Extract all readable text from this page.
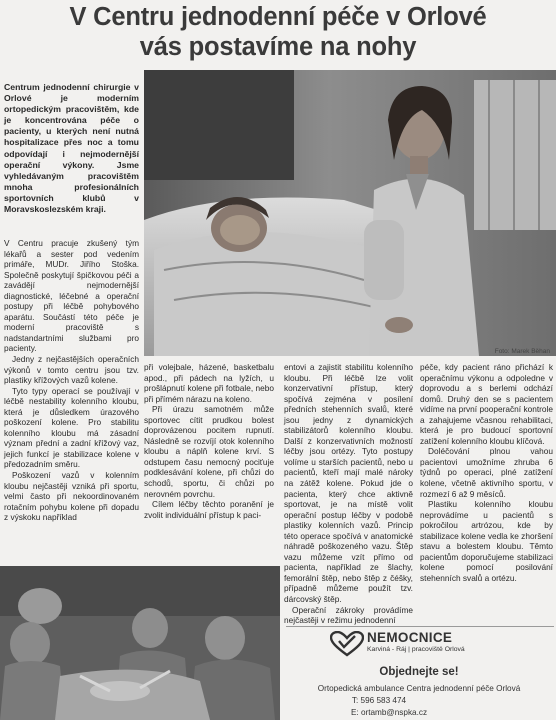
V Centru jednodenní péče v Orlové
vás postavíme na nohy
Foto: Marek Běhan

Centrum jednodenní chirurgie v Orlové je moderním ortopedickým pracovištěm, kde je koncentrována péče o pacienty, u kterých není nutná hospitalizace přes noc a tomu odpovídají i nejmodernější operační výkony. Jsme vyhledávaným pracovištěm mnoha profesionálních sportovních klubů v Moravskoslezském kraji.

V Centru pracuje zkušený tým lékařů a sester pod vedením primáře, MUDr. Jiřího Stoška. Společně poskytují špičkovou péči a zavádějí nejmodernější diagnostické, léčebné a operační postupy při léčbě pohybového aparátu. Součástí této péče je moderní pracoviště s nadstandartními službami pro pacienty.

Jedny z nejčastějších operačních výkonů v tomto centru jsou tzv. plastiky křížových vazů kolene.

Tyto typy operací se používají v léčbě nestability kolenního kloubu, která je důsledkem úrazového poškození kolene. Pro stabilitu kolenního kloubu má zásadní význam přední a zadní křížový vaz, jejich funkcí je stabilizace kolene v předozadním směru.

Poškození vazů v kolenním kloubu nejčastěji vzniká při sportu, velmi často při nekoordinovaném rotačním pohybu kolene při dopadu z výskoku například

při volejbale, házené, basketbalu apod., při pádech na lyžích, u prošlápnutí kolene při fotbale, nebo při přímém nárazu na koleno.

Při úrazu samotném může sportovec cítit prudkou bolest doprovázenou pocitem rupnutí. Následně se rozvíjí otok kolenního kloubu a náplň kolene krví. S odstupem času nemocný pociťuje podklesávání kolene, při chůzi do schodů, sportu, či chůzi po nerovném povrchu.

Cílem léčby těchto poranění je zvolit individuální přístup k paci-

entovi a zajistit stabilitu kolenního kloubu. Při léčbě lze volit konzervativní přístup, který spočívá zejména v posílení předních stehenních svalů, které jsou jedny z dynamických stabilizátorů kolenního kloubu. Další z konzervativních možností léčby jsou ortézy. Tyto postupy volíme u starších pacientů, nebo u pacientů, kteří mají malé nároky na zátěž kolene. Pokud jde o pacienta, který chce aktivně sportovat, je na místě volit operační postup léčby v podobě plastiky kolenních vazů. Princip této operace spočívá v anatomické náhradě poškozeného vazu. Štěp vazu můžeme vzít přímo od pacienta, například ze šlachy, femorální štěp, nebo štěp z čéšky, případně můžeme použít tzv. dárcovský štěp.

Operační zákroky provádíme nejčastěji v režimu jednodenní

péče, kdy pacient ráno přichází k operačnímu výkonu a odpoledne v doprovodu a s berlemi odchází domů. Druhý den se s pacientem vidíme na první pooperační kontrole a zahajujeme včasnou rehabilitaci, která je pro budoucí sportovní zatížení kolenního kloubu klíčová.

Doléčování plnou vahou pacientovi umožníme zhruba 6 týdnů po operaci, plné zatížení kolene, včetně aktivního sportu, v rozmezí 6 až 9 měsíců.

Plastiku kolenního kloubu neprovádíme u pacientů s pokročilou artrózou, kde by stabilizace kolene vedla ke zhoršení stavu a bolestem kloubu. Těmto pacientům doporučujeme stabilizaci kolene pomocí posilování stehenních svalů a ortézu.

NEMOCNICE
Karviná - Ráj | pracoviště Orlová
Objednejte se!
Ortopedická ambulance Centra jednodenní péče Orlová
T: 596 583 474
E: ortamb@nspka.cz
